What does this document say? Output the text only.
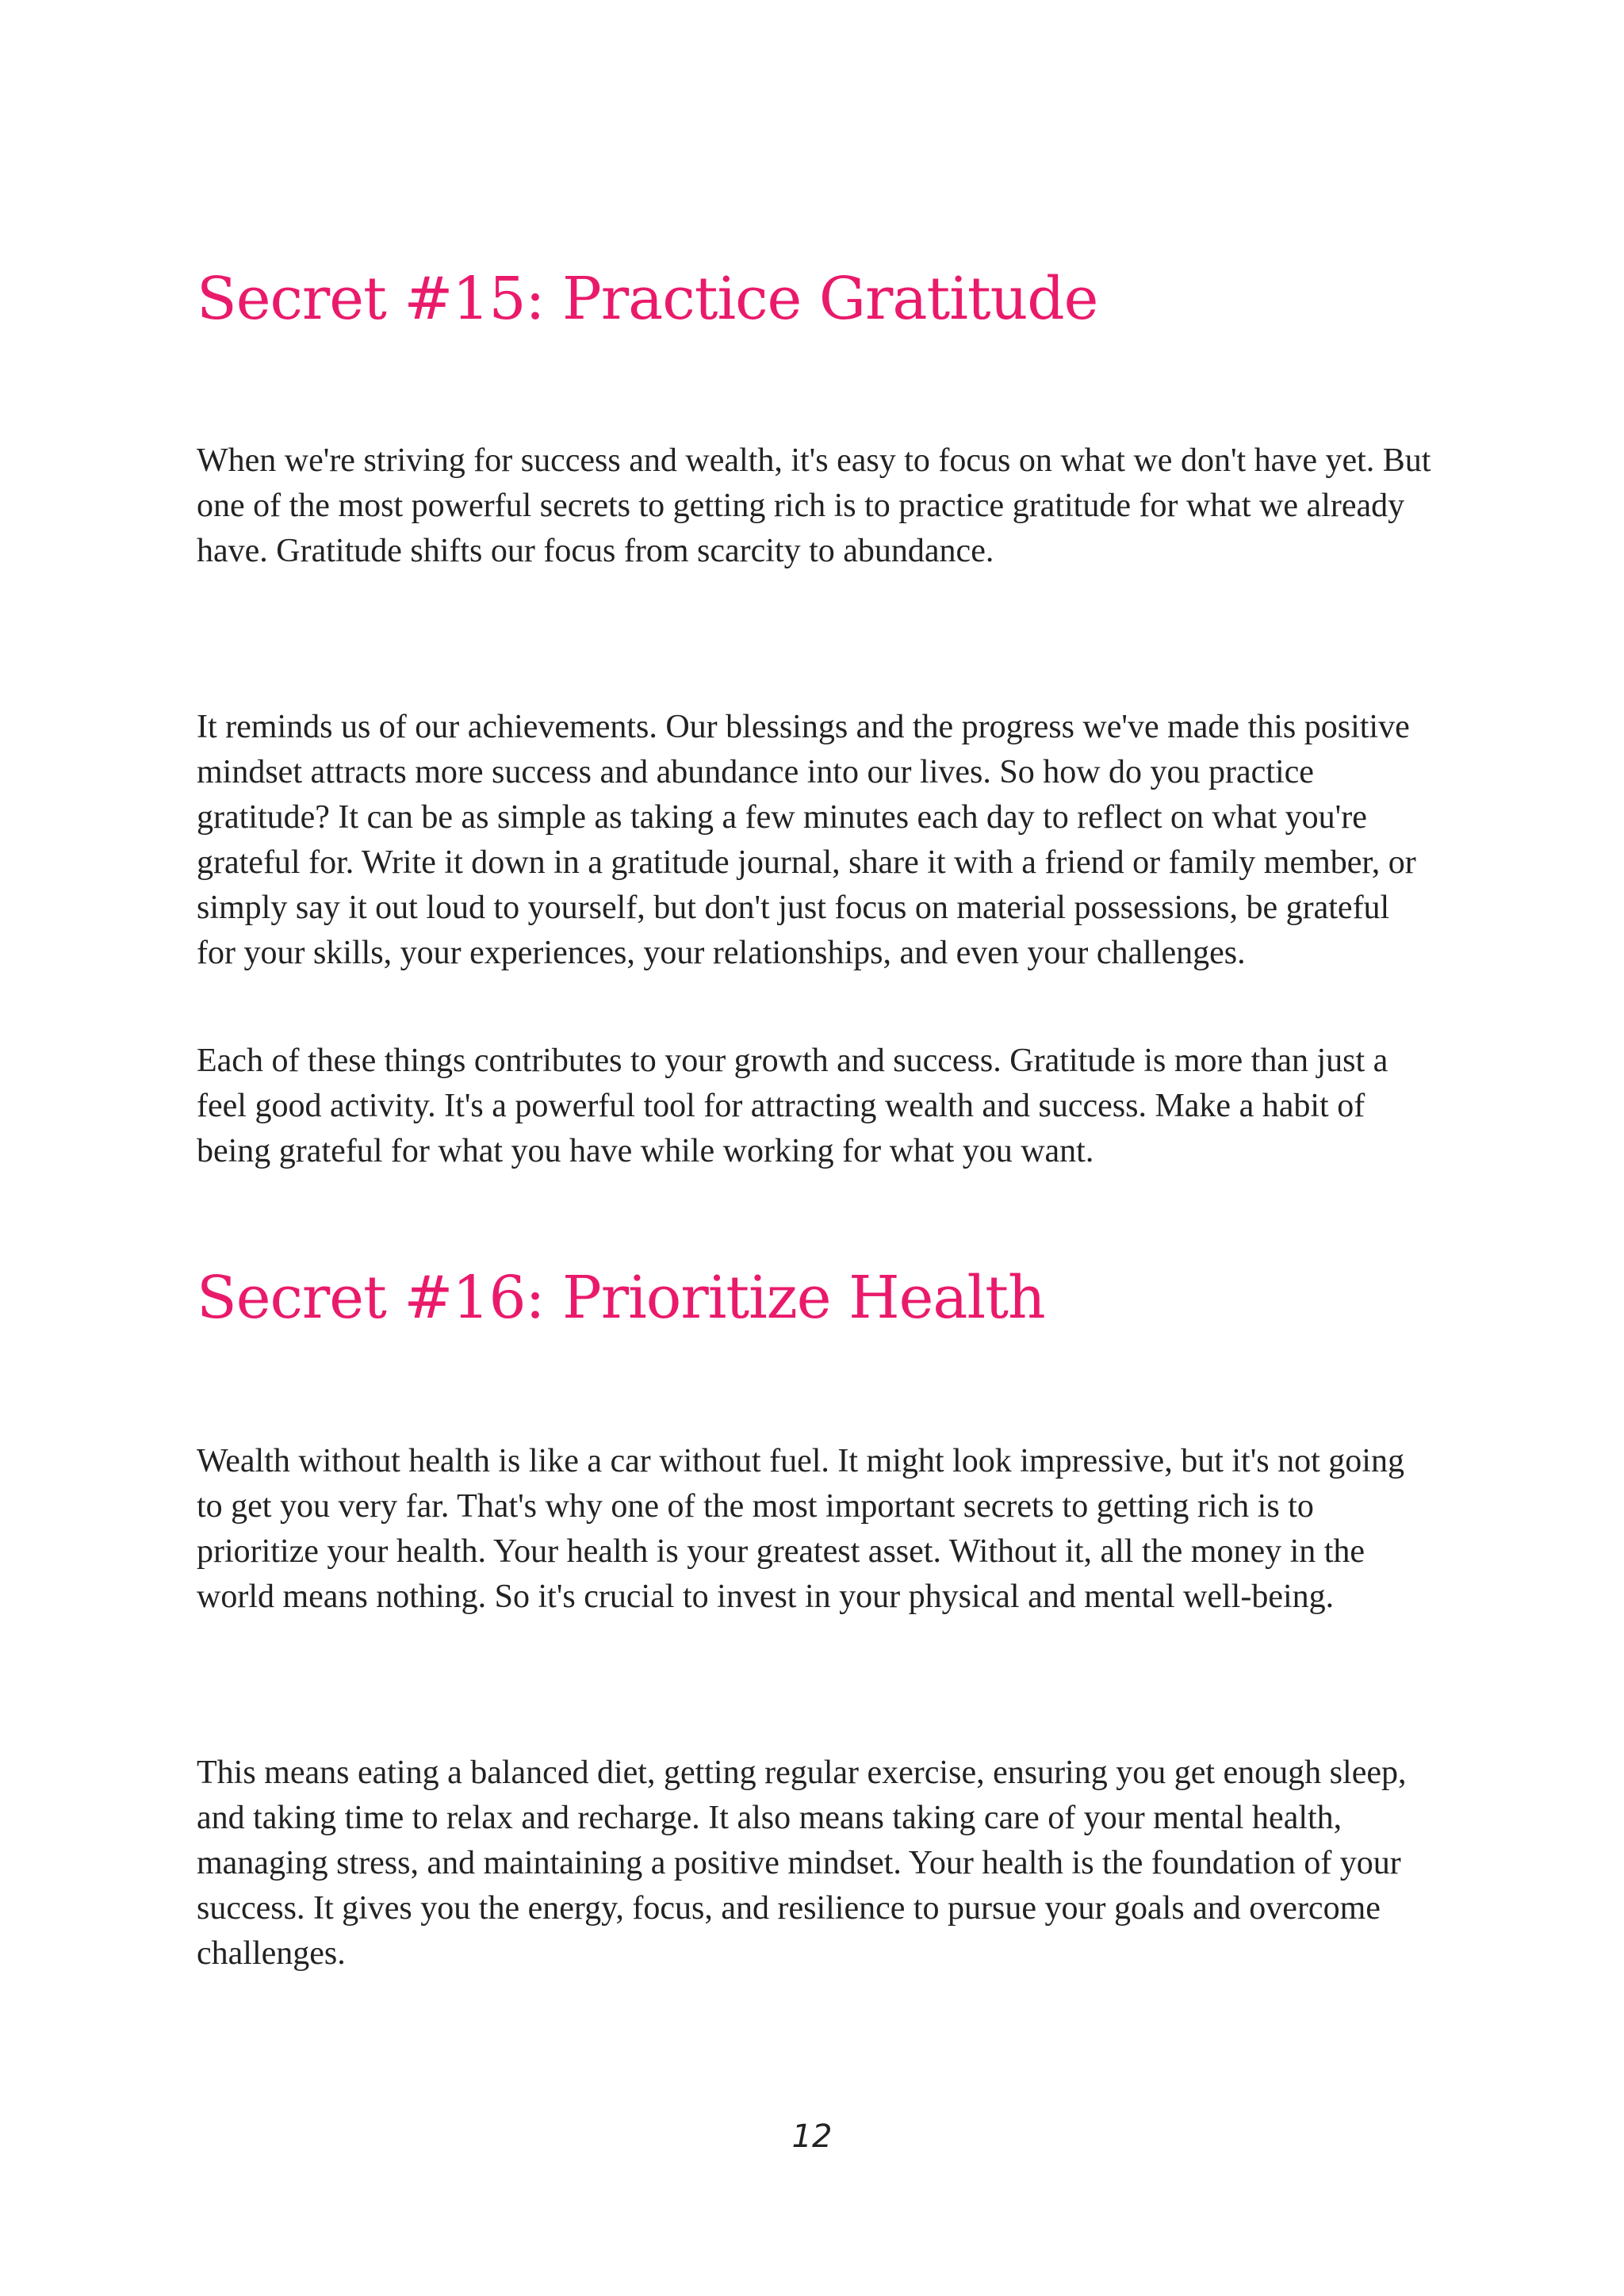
Secret #15: Practice Gratitude

When we're striving for success and wealth, it's easy to focus on what we don't have yet. But one of the most powerful secrets to getting rich is to practice gratitude for what we already have. Gratitude shifts our focus from scarcity to abundance.

It reminds us of our achievements. Our blessings and the progress we've made this positive mindset attracts more success and abundance into our lives. So how do you practice gratitude? It can be as simple as taking a few minutes each day to reflect on what you're grateful for. Write it down in a gratitude journal, share it with a friend or family member, or simply say it out loud to yourself, but don't just focus on material possessions, be grateful for your skills, your experiences, your relationships, and even your challenges.

Each of these things contributes to your growth and success. Gratitude is more than just a feel good activity. It's a powerful tool for attracting wealth and success. Make a habit of being grateful for what you have while working for what you want.

Secret #16: Prioritize Health

Wealth without health is like a car without fuel. It might look impressive, but it's not going to get you very far. That's why one of the most important secrets to getting rich is to prioritize your health. Your health is your greatest asset. Without it, all the money in the world means nothing. So it's crucial to invest in your physical and mental well-being.

This means eating a balanced diet, getting regular exercise, ensuring you get enough sleep, and taking time to relax and recharge. It also means taking care of your mental health, managing stress, and maintaining a positive mindset. Your health is the foundation of your success. It gives you the energy, focus, and resilience to pursue your goals and overcome challenges.

12
